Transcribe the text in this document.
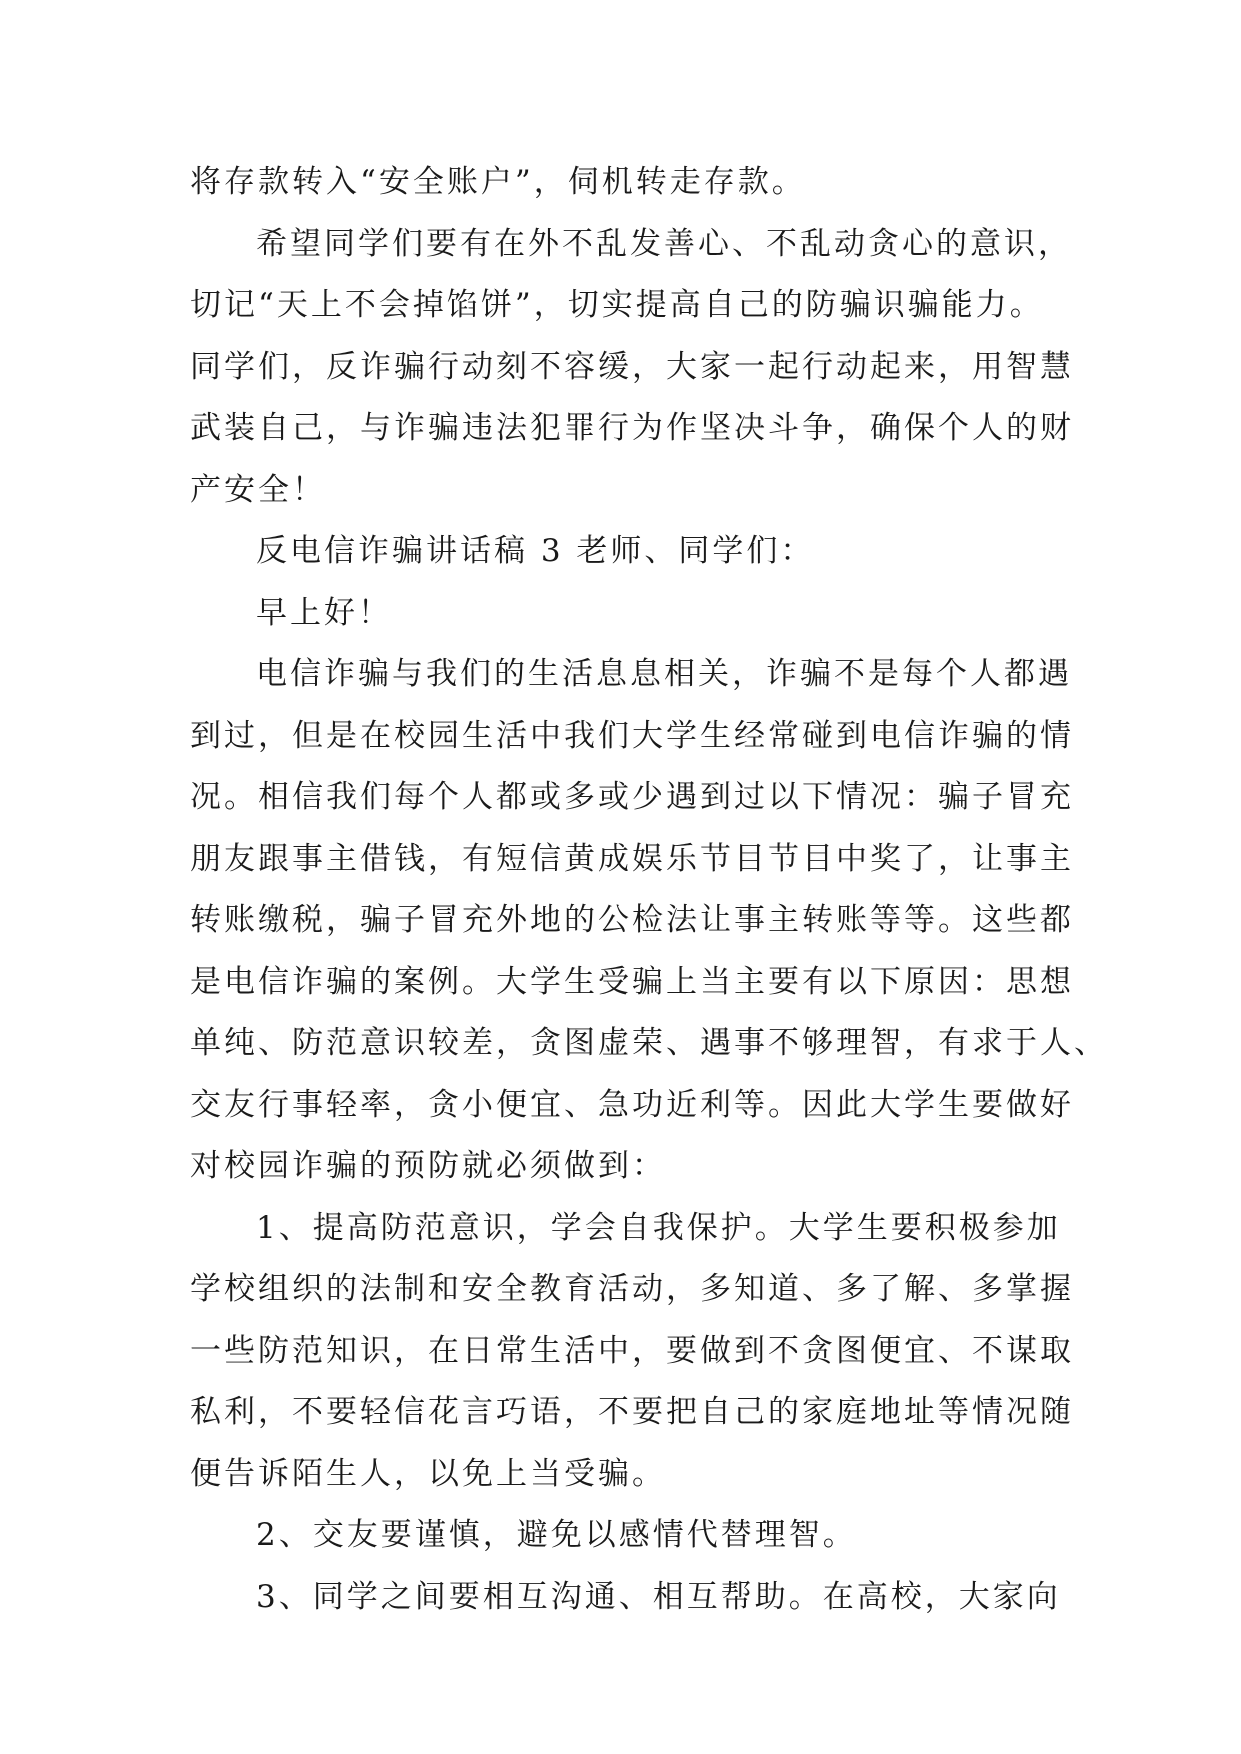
将存款转入“安全账户”，伺机转走存款。
希望同学们要有在外不乱发善心、不乱动贪心的意识，
切记“天上不会掉馅饼”，切实提高自己的防骗识骗能力。
同学们，反诈骗行动刻不容缓，大家一起行动起来，用智慧
武装自己，与诈骗违法犯罪行为作坚决斗争，确保个人的财
产安全！
反电信诈骗讲话稿 3 老师、同学们：
早上好！
电信诈骗与我们的生活息息相关，诈骗不是每个人都遇
到过，但是在校园生活中我们大学生经常碰到电信诈骗的情
况。相信我们每个人都或多或少遇到过以下情况：骗子冒充
朋友跟事主借钱，有短信黄成娱乐节目节目中奖了，让事主
转账缴税，骗子冒充外地的公检法让事主转账等等。这些都
是电信诈骗的案例。大学生受骗上当主要有以下原因：思想
单纯、防范意识较差，贪图虚荣、遇事不够理智，有求于人、
交友行事轻率，贪小便宜、急功近利等。因此大学生要做好
对校园诈骗的预防就必须做到：
1、提高防范意识，学会自我保护。大学生要积极参加
学校组织的法制和安全教育活动，多知道、多了解、多掌握
一些防范知识，在日常生活中，要做到不贪图便宜、不谋取
私利，不要轻信花言巧语，不要把自己的家庭地址等情况随
便告诉陌生人，以免上当受骗。
2、交友要谨慎，避免以感情代替理智。
3、同学之间要相互沟通、相互帮助。在高校，大家向
